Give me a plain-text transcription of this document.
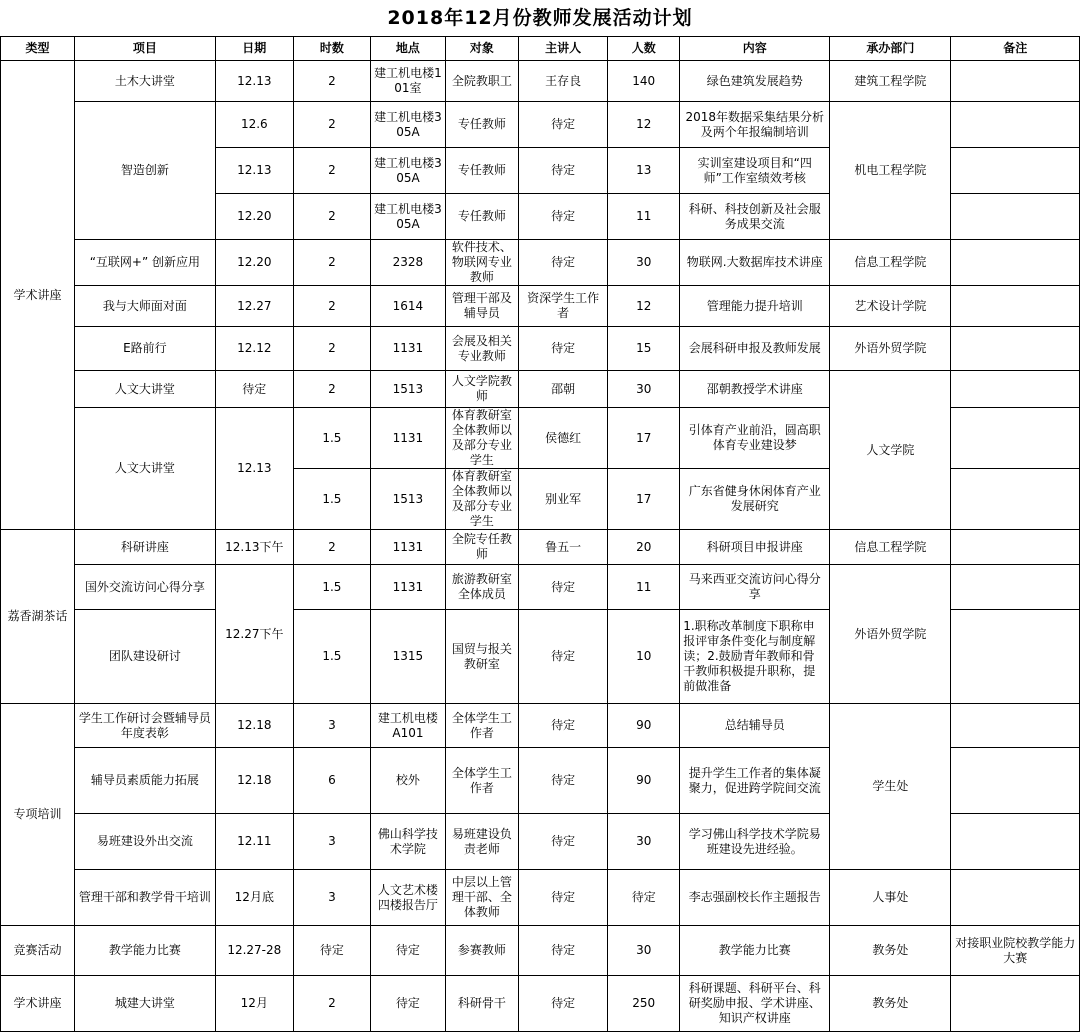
2018年12月份教师发展活动计划
类型	项目	日期	时数	地点	对象	主讲人	人数	内容	承办部门	备注
学术讲座	土木大讲堂	12.13	2	建工机电楼101室	全院教职工	王存良	140	绿色建筑发展趋势	建筑工程学院	
	智造创新	12.6	2	建工机电楼305A	专任教师	待定	12	2018年数据采集结果分析及两个年报编制培训	机电工程学院	
		12.13	2	建工机电楼305A	专任教师	待定	13	实训室建设项目和“四师”工作室绩效考核		
		12.20	2	建工机电楼305A	专任教师	待定	11	科研、科技创新及社会服务成果交流		
	“互联网+” 创新应用	12.20	2	2328	软件技术、物联网专业教师	待定	30	物联网.大数据库技术讲座	信息工程学院	
	我与大师面对面	12.27	2	1614	管理干部及辅导员	资深学生工作者	12	管理能力提升培训	艺术设计学院	
	E路前行	12.12	2	1131	会展及相关专业教师	待定	15	会展科研申报及教师发展	外语外贸学院	
	人文大讲堂	待定	2	1513	人文学院教师	邵朝	30	邵朝教授学术讲座	人文学院	
	人文大讲堂	12.13	1.5	1131	体育教研室全体教师以及部分专业学生	侯德红	17	引体育产业前沿，圆高职体育专业建设梦		
			1.5	1513	体育教研室全体教师以及部分专业学生	别业军	17	广东省健身休闲体育产业发展研究		
荔香湖茶话	科研讲座	12.13下午	2	1131	全院专任教师	鲁五一	20	科研项目申报讲座	信息工程学院	
	国外交流访问心得分享	12.27下午	1.5	1131	旅游教研室全体成员	待定	11	马来西亚交流访问心得分享	外语外贸学院	
	团队建设研讨		1.5	1315	国贸与报关教研室	待定	10	1.职称改革制度下职称申报评审条件变化与制度解读；2.鼓励青年教师和骨干教师积极提升职称，提前做准备		
专项培训	学生工作研讨会暨辅导员年度表彰	12.18	3	建工机电楼A101	全体学生工作者	待定	90	总结辅导员	学生处	
	辅导员素质能力拓展	12.18	6	校外	全体学生工作者	待定	90	提升学生工作者的集体凝聚力，促进跨学院间交流		
	易班建设外出交流	12.11	3	佛山科学技术学院	易班建设负责老师	待定	30	学习佛山科学技术学院易班建设先进经验。		
	管理干部和教学骨干培训	12月底	3	人文艺术楼四楼报告厅	中层以上管理干部、全体教师	待定	待定	李志强副校长作主题报告	人事处	
竞赛活动	教学能力比赛	12.27-28	待定	待定	参赛教师	待定	30	教学能力比赛	教务处	对接职业院校教学能力大赛
学术讲座	城建大讲堂	12月	2	待定	科研骨干	待定	250	科研课题、科研平台、科研奖励申报、学术讲座、知识产权讲座	教务处	
